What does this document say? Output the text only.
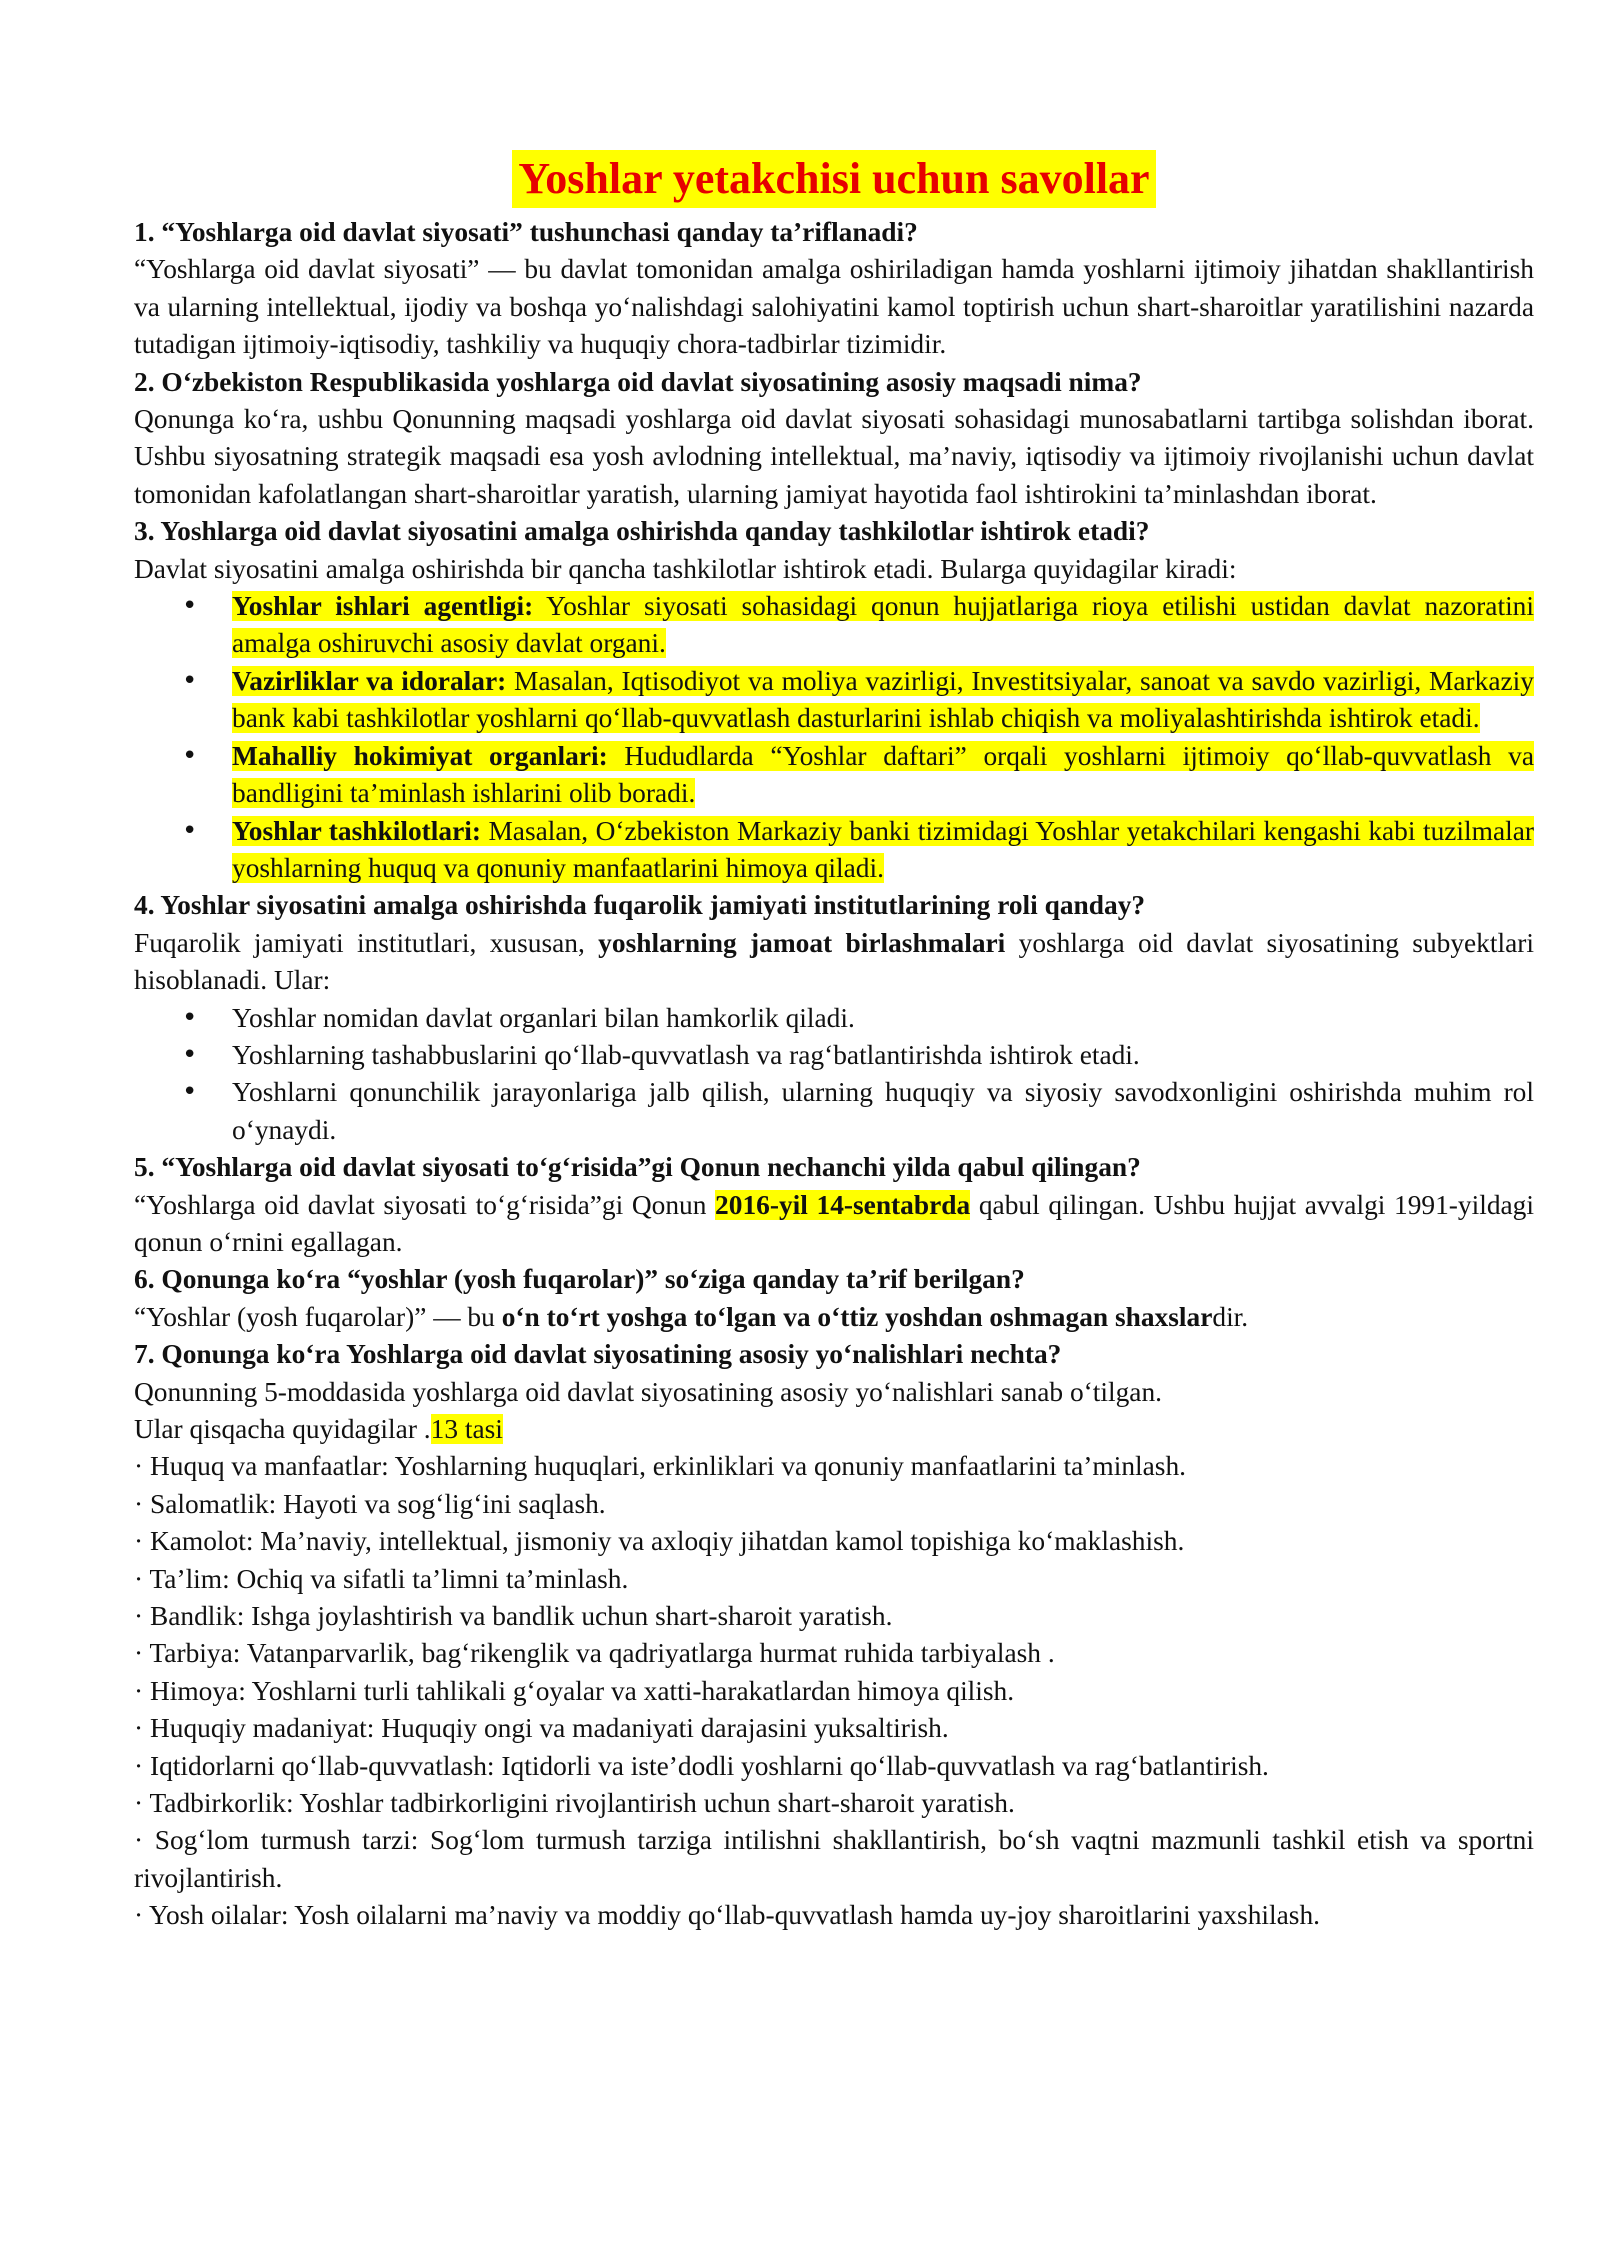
Yoshlar yetakchisi uchun savollar

1. “Yoshlarga oid davlat siyosati” tushunchasi qanday ta’riflanadi?

“Yoshlarga oid davlat siyosati” — bu davlat tomonidan amalga oshiriladigan hamda yoshlarni ijtimoiy jihatdan shakllantirish va ularning intellektual, ijodiy va boshqa yo‘nalishdagi salohiyatini kamol toptirish uchun shart-sharoitlar yaratilishini nazarda tutadigan ijtimoiy-iqtisodiy, tashkiliy va huquqiy chora-tadbirlar tizimidir.

2. O‘zbekiston Respublikasida yoshlarga oid davlat siyosatining asosiy maqsadi nima?

Qonunga ko‘ra, ushbu Qonunning maqsadi yoshlarga oid davlat siyosati sohasidagi munosabatlarni tartibga solishdan iborat. Ushbu siyosatning strategik maqsadi esa yosh avlodning intellektual, ma’naviy, iqtisodiy va ijtimoiy rivojlanishi uchun davlat tomonidan kafolatlangan shart-sharoitlar yaratish, ularning jamiyat hayotida faol ishtirokini ta’minlashdan iborat.

3. Yoshlarga oid davlat siyosatini amalga oshirishda qanday tashkilotlar ishtirok etadi?

Davlat siyosatini amalga oshirishda bir qancha tashkilotlar ishtirok etadi. Bularga quyidagilar kiradi:

• Yoshlar ishlari agentligi: Yoshlar siyosati sohasidagi qonun hujjatlariga rioya etilishi ustidan davlat nazoratini amalga oshiruvchi asosiy davlat organi.
• Vazirliklar va idoralar: Masalan, Iqtisodiyot va moliya vazirligi, Investitsiyalar, sanoat va savdo vazirligi, Markaziy bank kabi tashkilotlar yoshlarni qo‘llab-quvvatlash dasturlarini ishlab chiqish va moliyalashtirishda ishtirok etadi.
• Mahalliy hokimiyat organlari: Hududlarda “Yoshlar daftari” orqali yoshlarni ijtimoiy qo‘llab-quvvatlash va bandligini ta’minlash ishlarini olib boradi.
• Yoshlar tashkilotlari: Masalan, O‘zbekiston Markaziy banki tizimidagi Yoshlar yetakchilari kengashi kabi tuzilmalar yoshlarning huquq va qonuniy manfaatlarini himoya qiladi.

4. Yoshlar siyosatini amalga oshirishda fuqarolik jamiyati institutlarining roli qanday?

Fuqarolik jamiyati institutlari, xususan, yoshlarning jamoat birlashmalari yoshlarga oid davlat siyosatining subyektlari hisoblanadi. Ular:

• Yoshlar nomidan davlat organlari bilan hamkorlik qiladi.
• Yoshlarning tashabbuslarini qo‘llab-quvvatlash va rag‘batlantirishda ishtirok etadi.
• Yoshlarni qonunchilik jarayonlariga jalb qilish, ularning huquqiy va siyosiy savodxonligini oshirishda muhim rol o‘ynaydi.

5. “Yoshlarga oid davlat siyosati to‘g‘risida”gi Qonun nechanchi yilda qabul qilingan?

“Yoshlarga oid davlat siyosati to‘g‘risida”gi Qonun 2016-yil 14-sentabrda qabul qilingan. Ushbu hujjat avvalgi 1991-yildagi qonun o‘rnini egallagan.

6. Qonunga ko‘ra “yoshlar (yosh fuqarolar)” so‘ziga qanday ta’rif berilgan?

“Yoshlar (yosh fuqarolar)” — bu o‘n to‘rt yoshga to‘lgan va o‘ttiz yoshdan oshmagan shaxslardir.

7. Qonunga ko‘ra Yoshlarga oid davlat siyosatining asosiy yo‘nalishlari nechta?

Qonunning 5-moddasida yoshlarga oid davlat siyosatining asosiy yo‘nalishlari sanab o‘tilgan.

Ular qisqacha quyidagilar .13 tasi

· Huquq va manfaatlar: Yoshlarning huquqlari, erkinliklari va qonuniy manfaatlarini ta’minlash.

· Salomatlik: Hayoti va sog‘lig‘ini saqlash.

· Kamolot: Ma’naviy, intellektual, jismoniy va axloqiy jihatdan kamol topishiga ko‘maklashish.

· Ta’lim: Ochiq va sifatli ta’limni ta’minlash.

· Bandlik: Ishga joylashtirish va bandlik uchun shart-sharoit yaratish.

· Tarbiya: Vatanparvarlik, bag‘rikenglik va qadriyatlarga hurmat ruhida tarbiyalash .

· Himoya: Yoshlarni turli tahlikali g‘oyalar va xatti-harakatlardan himoya qilish.

· Huquqiy madaniyat: Huquqiy ongi va madaniyati darajasini yuksaltirish.

· Iqtidorlarni qo‘llab-quvvatlash: Iqtidorli va iste’dodli yoshlarni qo‘llab-quvvatlash va rag‘batlantirish.

· Tadbirkorlik: Yoshlar tadbirkorligini rivojlantirish uchun shart-sharoit yaratish.

· Sog‘lom turmush tarzi: Sog‘lom turmush tarziga intilishni shakllantirish, bo‘sh vaqtni mazmunli tashkil etish va sportni rivojlantirish.

· Yosh oilalar: Yosh oilalarni ma’naviy va moddiy qo‘llab-quvvatlash hamda uy-joy sharoitlarini yaxshilash.
